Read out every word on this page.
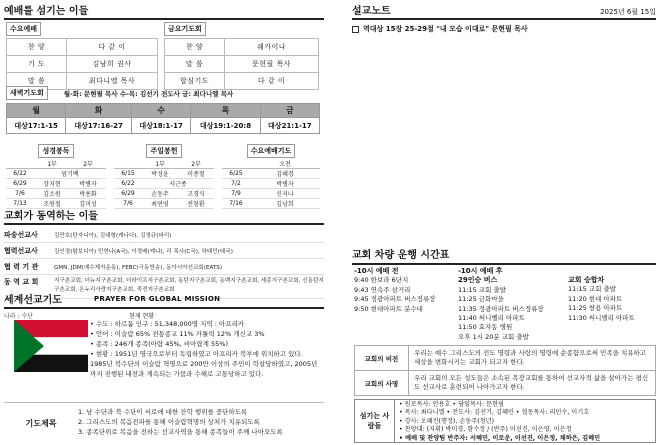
예배를 섬기는 이들
수요예배
찬 양	다 같 이
기 도	김남희 권사
말 씀	최다니엘 목사
금요기도회
찬 양	쉐카이나
말 씀	문현필 목사
합심기도	다 같 이
새벽기도회	월-화: 문현필 목사 수-목: 김선기 전도사 금: 최다니엘 목사
월	화	수	목	금
대상17:1-15	대상17:16-27	대상18:1-17	대상19:1-20:8	대상21:1-17
성경봉독
	1부	2부
6/22	엄기백	
6/29	장지현	박병자
7/6	김소원	박용화
7/13	조원철	김미성
주일봉헌
	1부	2부
6/15	박성윤	이종철
6/22	서근종	
6/29	손동주	고경식
7/6	최연영	전창환
수요예배기도
		오전
6/25		김혜경
7/2		박병자
7/9		신지나
7/16		김남희
교회가 동역하는 이들
파송선교사	김만호(탄자니아), 김대형(캐나다), 김정규(파리)
협력선교사	김인정(탐보디아) 민현나(A국), 이경배(케냐), 리 목사(C국), 하태민(태국)
협 력 기 관	GMN, JDM(예수제자운동), FEBC(극동방송), 동아시아선교회(EATS)
동 역 교 회	지구촌교회, 더뉴지구촌교회, 더라이프지구촌교회, 동탄지구촌교회, 동백지구촌교회, 세종지구촌교회, 신동탄지구촌교회, 온누리사랑지구촌교회, 죽전지구촌교회
세계선교기도	PRAYER FOR GLOBAL MISSION
나라 : 수단	현재 현황
• 수도 : 하르툼 인구 : 51,348,000명 지역 : 아프리카
• 언어 : 이슬람 65% 전통종교 11% 카톨릭 12% 개신교 3%
• 종족 : 246개 종족(아랍 45%, 비아랍계 55%)
• 현황 : 1951년 영국으로부터 독립하였고 아프리카 북부에 위치하고 있다. 1985년 북수단의 이슬람 혁명으로 200만 이상의 주민이 학살당하였고, 2005년까지 진행된 내전과 계속되는 가뭄과 수해로 고통당하고 있다.
기도제목
1. 남 수단과 북 수단이 서로에 대한 잔학 행위를 중단하도록
2. 그리스도의 복음전파를 통해 이슬람혁명의 상처가 치유되도록
3. 종족단위로 복음을 전하는 선교사역을 통해 종족들이 주께 나아오도록
설교노트	2025년 6월 15일
역대상 15장 25-29절 "내 모습 이대로" 문현필 목사
교회 차량 운행 시간표
-10시 예배 전
9:40 한보라 6단지
9:43 연속주 삼거리
9:45 정광아파트 버스정류장
9:50 현대아파트 분수대
-10시 예배 후
29인승 버스
11:15 교회 출발
11:25 금화마을
11:35 정광아파트 버스정류장
11:40 써니벨리 아파트
11:50 효자동 병원
오후 1시 20분 교회 출발
교회 승합차
11:15 교회 출발
11:20 현대 아파트
11:25 쌍용 아파트
11:30 써니밸리 아파트
교회의 비전	우리는 예수 그리스도의 전도 명령과 사랑의 명령에 순종함으로써 민족을 치유하고 세상을 변화시키는 교회가 되고자 한다.
교회의 사명	우리 교회의 모든 성도들은 소속된 목장교회를 통하여 선교사적 삶을 살아가는 평신도 선교사로 훈련되어 나아가고자 한다.
섬기는 사람들
• 원로목사: 안용호 • 담임목사: 문현필
• 목사: 최다니엘 • 전도사: 김선기, 김혜민 • 협동목사: 리민수, 이기호
• 강사: 오혜진(행정), 손동주(청년)
• 찬양대: (지휘) 박미경, 함수정 / (반주) 이선진, 이은영, 이은정
• 예배 및 찬양팀 반주자: 서혜민, 이로운, 이선진, 이은정, 채하은, 김혜민
